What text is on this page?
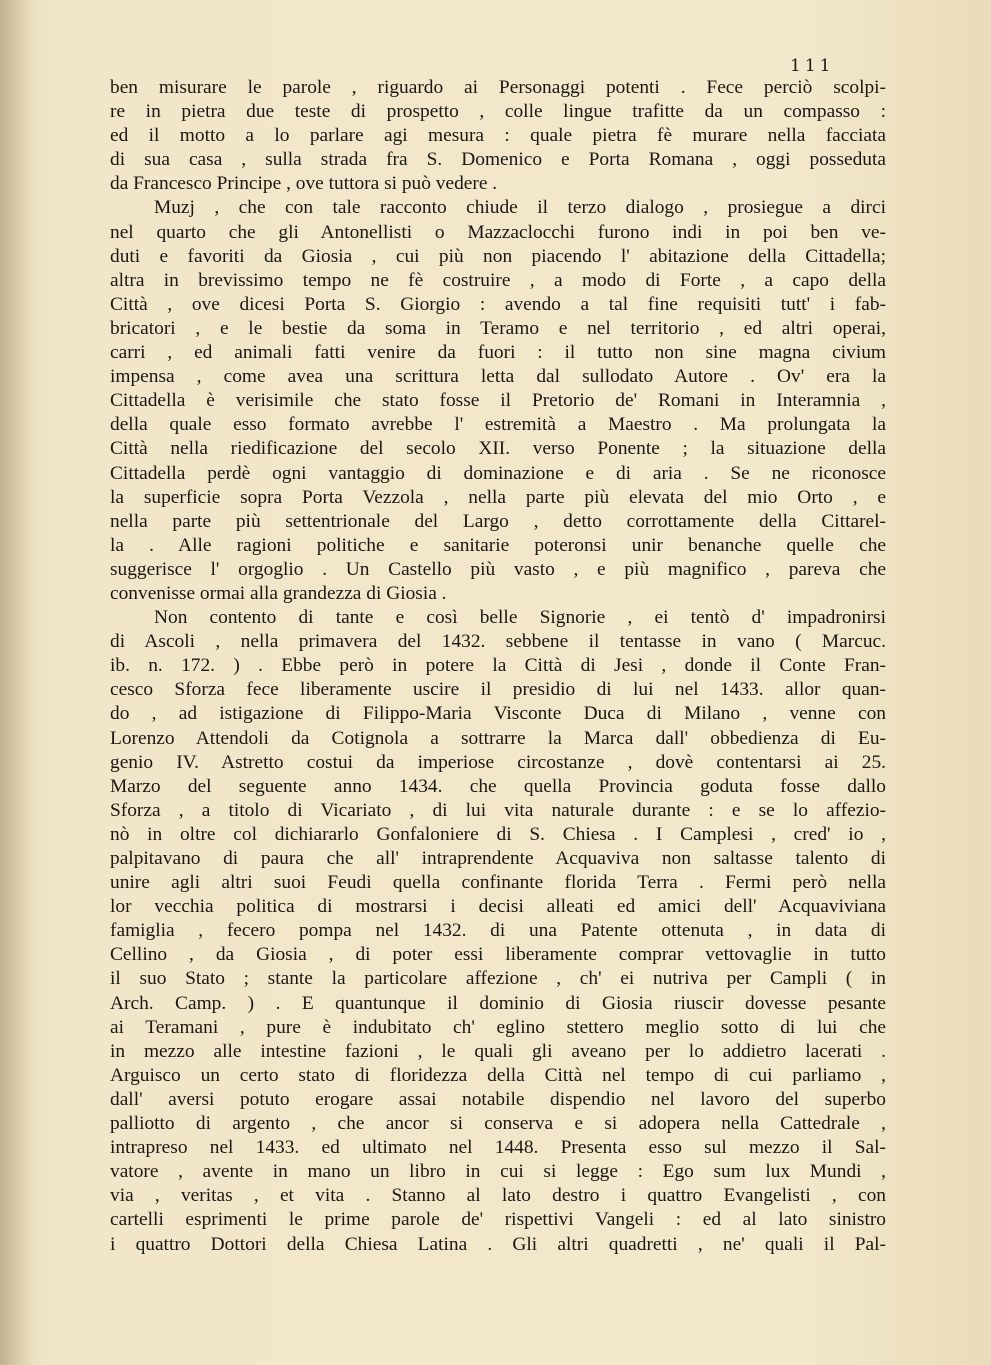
111
ben misurare le parole , riguardo ai Personaggi potenti . Fece perciò scolpi-
re in pietra due teste di prospetto , colle lingue trafitte da un compasso :
ed il motto a lo parlare agi mesura : quale pietra fè murare nella facciata
di sua casa , sulla strada fra S. Domenico e Porta Romana , oggi posseduta
da Francesco Principe , ove tuttora si può vedere .
Muzj , che con tale racconto chiude il terzo dialogo , prosiegue a dirci
nel quarto che gli Antonellisti o Mazzaclocchi furono indi in poi ben ve-
duti e favoriti da Giosia , cui più non piacendo l' abitazione della Cittadella;
altra in brevissimo tempo ne fè costruire , a modo di Forte , a capo della
Città , ove dicesi Porta S. Giorgio : avendo a tal fine requisiti tutt' i fab-
bricatori , e le bestie da soma in Teramo e nel territorio , ed altri operai,
carri , ed animali fatti venire da fuori : il tutto non sine magna civium
impensa , come avea una scrittura letta dal sullodato Autore . Ov' era la
Cittadella è verisimile che stato fosse il Pretorio de' Romani in Interamnia ,
della quale esso formato avrebbe l' estremità a Maestro . Ma prolungata la
Città nella riedificazione del secolo XII. verso Ponente ; la situazione della
Cittadella perdè ogni vantaggio di dominazione e di aria . Se ne riconosce
la superficie sopra Porta Vezzola , nella parte più elevata del mio Orto , e
nella parte più settentrionale del Largo , detto corrottamente della Cittarel-
la . Alle ragioni politiche e sanitarie poteronsi unir benanche quelle che
suggerisce l' orgoglio . Un Castello più vasto , e più magnifico , pareva che
convenisse ormai alla grandezza di Giosia .
Non contento di tante e così belle Signorie , ei tentò d' impadronirsi
di Ascoli , nella primavera del 1432. sebbene il tentasse in vano ( Marcuc.
ib. n. 172. ) . Ebbe però in potere la Città di Jesi , donde il Conte Fran-
cesco Sforza fece liberamente uscire il presidio di lui nel 1433. allor quan-
do , ad istigazione di Filippo-Maria Visconte Duca di Milano , venne con
Lorenzo Attendoli da Cotignola a sottrarre la Marca dall' obbedienza di Eu-
genio IV. Astretto costui da imperiose circostanze , dovè contentarsi ai 25.
Marzo del seguente anno 1434. che quella Provincia goduta fosse dallo
Sforza , a titolo di Vicariato , di lui vita naturale durante : e se lo affezio-
nò in oltre col dichiararlo Gonfaloniere di S. Chiesa . I Camplesi , cred' io ,
palpitavano di paura che all' intraprendente Acquaviva non saltasse talento di
unire agli altri suoi Feudi quella confinante florida Terra . Fermi però nella
lor vecchia politica di mostrarsi i decisi alleati ed amici dell' Acquaviviana
famiglia , fecero pompa nel 1432. di una Patente ottenuta , in data di
Cellino , da Giosia , di poter essi liberamente comprar vettovaglie in tutto
il suo Stato ; stante la particolare affezione , ch' ei nutriva per Campli ( in
Arch. Camp. ) . E quantunque il dominio di Giosia riuscir dovesse pesante
ai Teramani , pure è indubitato ch' eglino stettero meglio sotto di lui che
in mezzo alle intestine fazioni , le quali gli aveano per lo addietro lacerati .
Arguisco un certo stato di floridezza della Città nel tempo di cui parliamo ,
dall' aversi potuto erogare assai notabile dispendio nel lavoro del superbo
palliotto di argento , che ancor si conserva e si adopera nella Cattedrale ,
intrapreso nel 1433. ed ultimato nel 1448. Presenta esso sul mezzo il Sal-
vatore , avente in mano un libro in cui si legge : Ego sum lux Mundi ,
via , veritas , et vita . Stanno al lato destro i quattro Evangelisti , con
cartelli esprimenti le prime parole de' rispettivi Vangeli : ed al lato sinistro
i quattro Dottori della Chiesa Latina . Gli altri quadretti , ne' quali il Pal-
